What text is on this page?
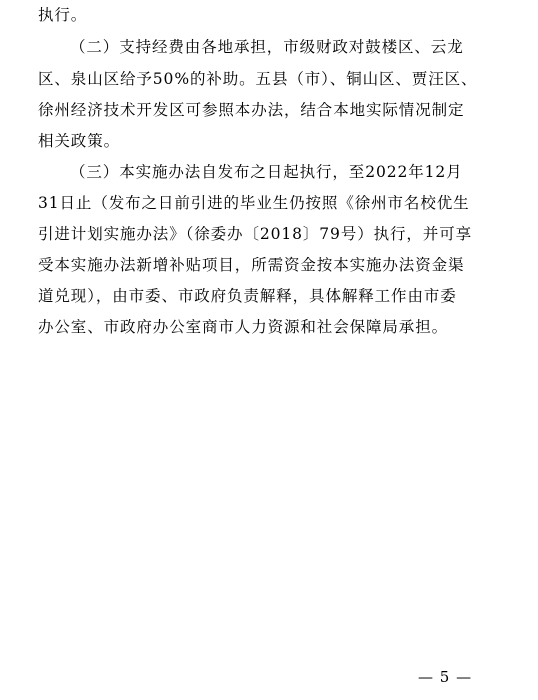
执行。
（二）支持经费由各地承担，市级财政对鼓楼区、云龙
区、泉山区给予50%的补助。五县（市）、铜山区、贾汪区、
徐州经济技术开发区可参照本办法，结合本地实际情况制定
相关政策。
（三）本实施办法自发布之日起执行，至2022年12月
31日止（发布之日前引进的毕业生仍按照《徐州市名校优生
引进计划实施办法》（徐委办〔2018〕79号）执行，并可享
受本实施办法新增补贴项目，所需资金按本实施办法资金渠
道兑现），由市委、市政府负责解释，具体解释工作由市委
办公室、市政府办公室商市人力资源和社会保障局承担。
— 5 —
